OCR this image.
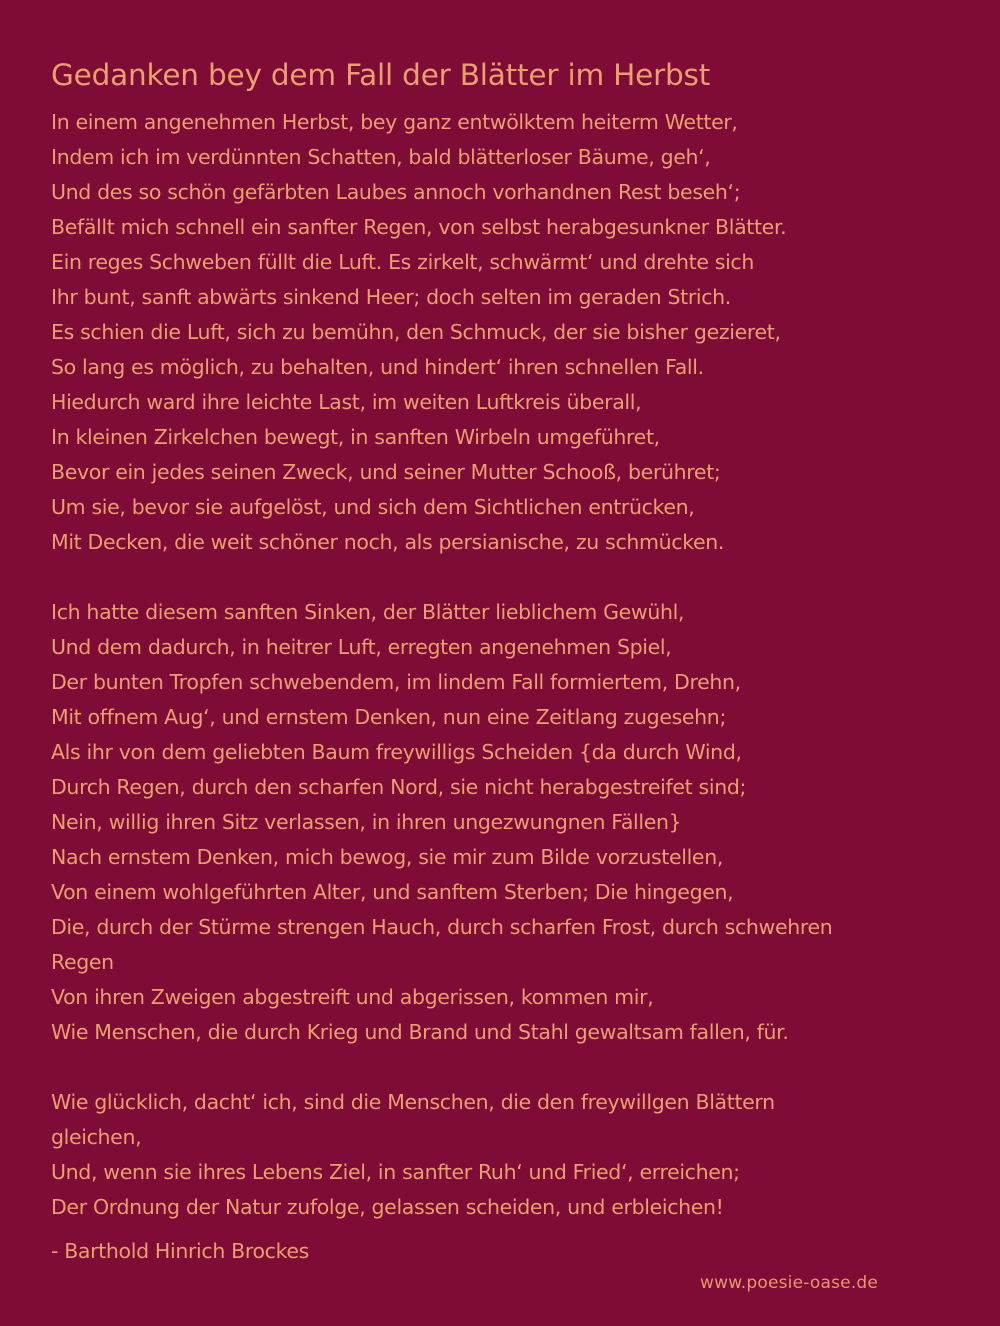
Gedanken bey dem Fall der Blätter im Herbst
In einem angenehmen Herbst, bey ganz entwölktem heiterm Wetter,
Indem ich im verdünnten Schatten, bald blätterloser Bäume, geh‘,
Und des so schön gefärbten Laubes annoch vorhandnen Rest beseh‘;
Befällt mich schnell ein sanfter Regen, von selbst herabgesunkner Blätter.
Ein reges Schweben füllt die Luft. Es zirkelt, schwärmt‘ und drehte sich
Ihr bunt, sanft abwärts sinkend Heer; doch selten im geraden Strich.
Es schien die Luft, sich zu bemühn, den Schmuck, der sie bisher gezieret,
So lang es möglich, zu behalten, und hindert‘ ihren schnellen Fall.
Hiedurch ward ihre leichte Last, im weiten Luftkreis überall,
In kleinen Zirkelchen bewegt, in sanften Wirbeln umgeführet,
Bevor ein jedes seinen Zweck, und seiner Mutter Schooß, berühret;
Um sie, bevor sie aufgelöst, und sich dem Sichtlichen entrücken,
Mit Decken, die weit schöner noch, als persianische, zu schmücken.
Ich hatte diesem sanften Sinken, der Blätter lieblichem Gewühl,
Und dem dadurch, in heitrer Luft, erregten angenehmen Spiel,
Der bunten Tropfen schwebendem, im lindem Fall formiertem, Drehn,
Mit offnem Aug‘, und ernstem Denken, nun eine Zeitlang zugesehn;
Als ihr von dem geliebten Baum freywilligs Scheiden {da durch Wind,
Durch Regen, durch den scharfen Nord, sie nicht herabgestreifet sind;
Nein, willig ihren Sitz verlassen, in ihren ungezwungnen Fällen}
Nach ernstem Denken, mich bewog, sie mir zum Bilde vorzustellen,
Von einem wohlgeführten Alter, und sanftem Sterben; Die hingegen,
Die, durch der Stürme strengen Hauch, durch scharfen Frost, durch schwehren
Regen
Von ihren Zweigen abgestreift und abgerissen, kommen mir,
Wie Menschen, die durch Krieg und Brand und Stahl gewaltsam fallen, für.
Wie glücklich, dacht‘ ich, sind die Menschen, die den freywillgen Blättern
gleichen,
Und, wenn sie ihres Lebens Ziel, in sanfter Ruh‘ und Fried‘, erreichen;
Der Ordnung der Natur zufolge, gelassen scheiden, und erbleichen!
- Barthold Hinrich Brockes
www.poesie-oase.de
